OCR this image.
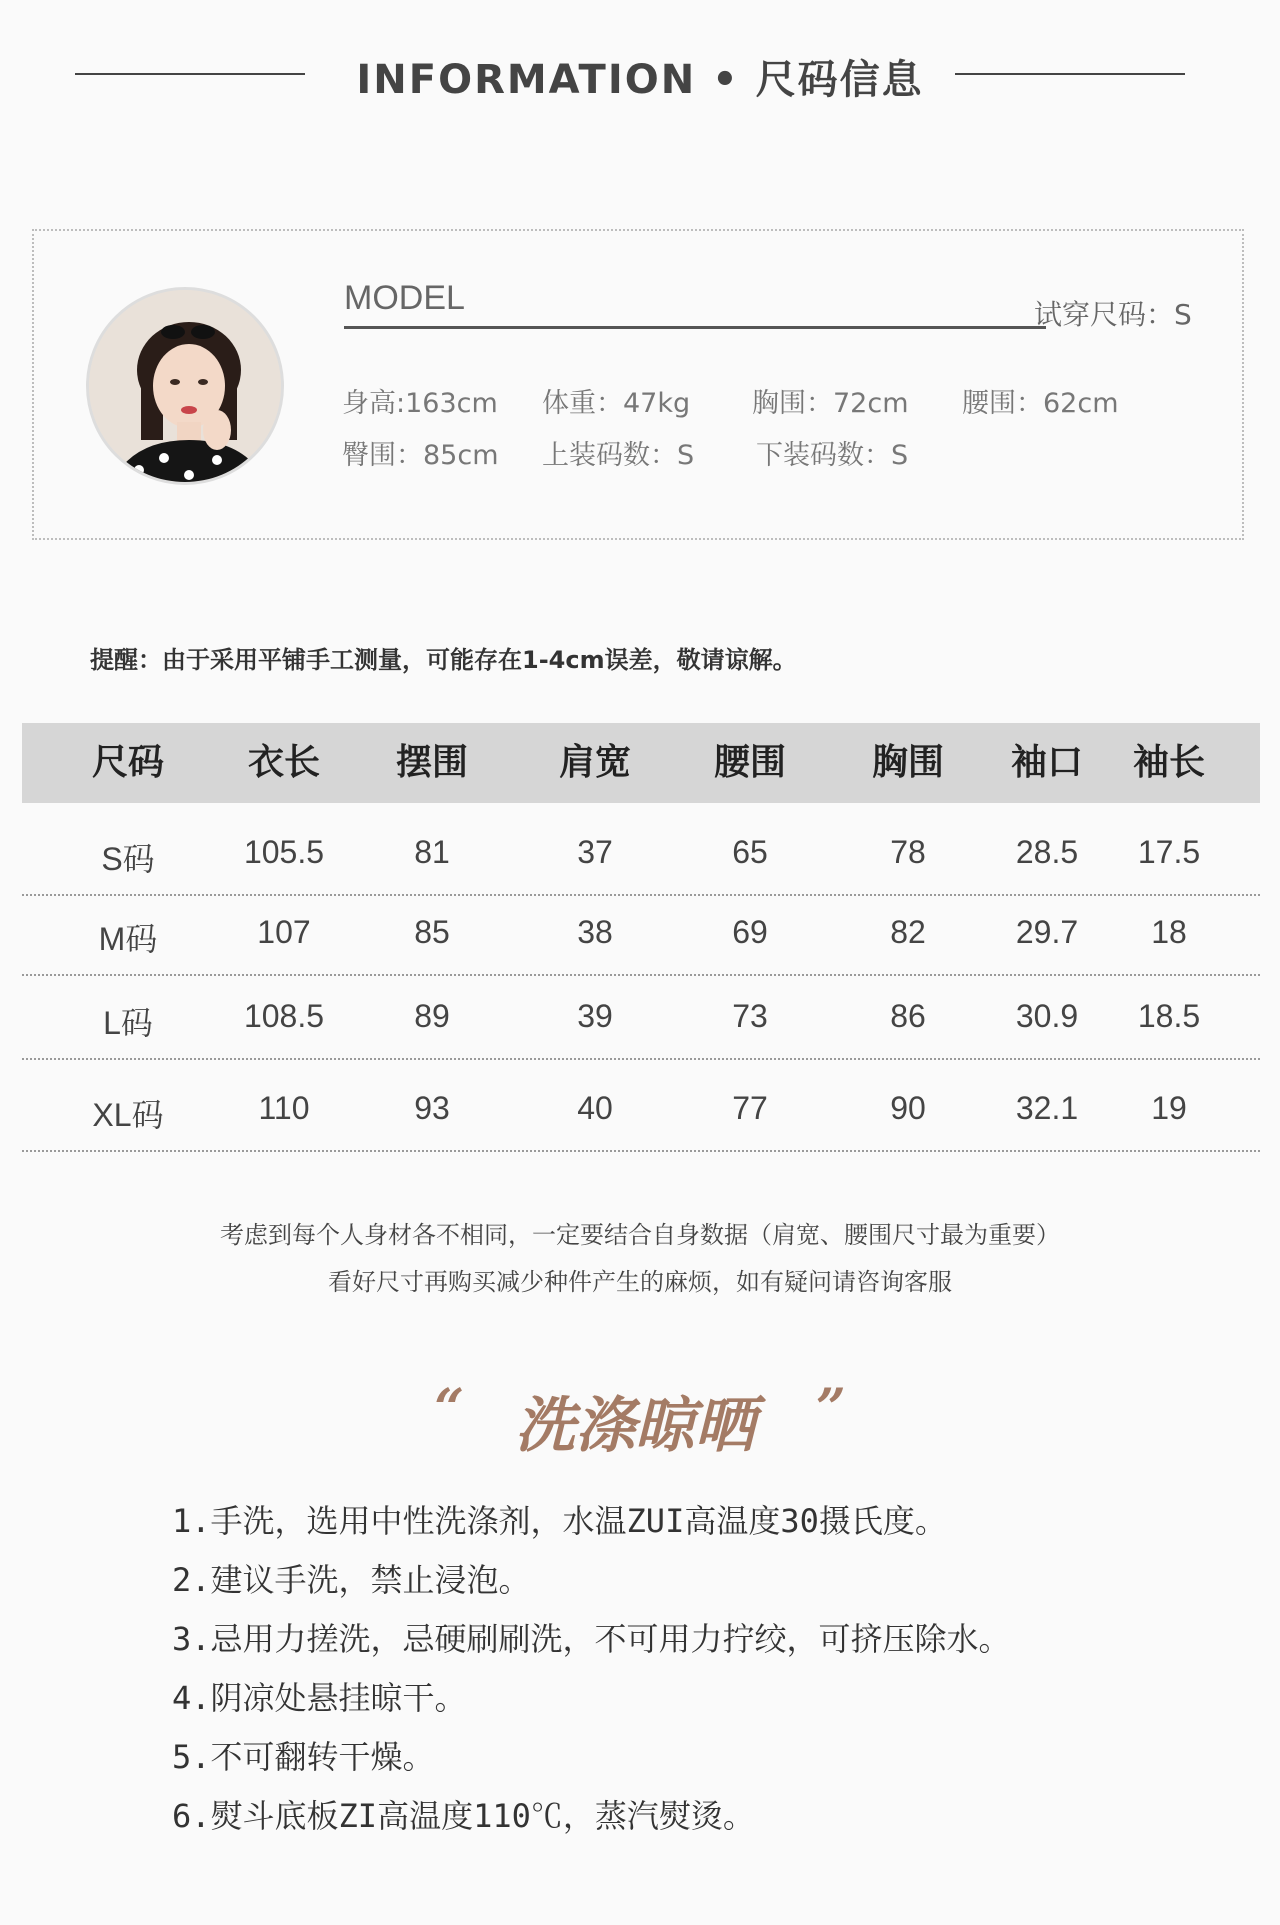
INFORMATION • 尺码信息
MODEL	试穿尺码：S
身高:163cm 体重：47kg 胸围：72cm 腰围：62cm
臀围：85cm 上装码数：S 下装码数：S
提醒：由于采用平铺手工测量，可能存在1-4cm误差，敬请谅解。
尺码 衣长 摆围	肩宽 腰围 胸围 袖口 袖长
S码	105.5	81	37	65	78	28.5 17.5
M码	107	85	38	69	82	29.7 18
L码	108.5	89	39	73	86	30.9 18.5
XL码	110	93	40	77	90	32.1 19
考虑到每个人身材各不相同，一定要结合自身数据（肩宽、腰围尺寸最为重要）
看好尺寸再购买减少种件产生的麻烦，如有疑问请咨询客服
“ 洗涤晾晒 ”
1.手洗，选用中性洗涤剂，水温ZUI高温度30摄氏度。
2.建议手洗，禁止浸泡。
3.忌用力搓洗，忌硬刷刷洗，不可用力拧绞，可挤压除水。
4.阴凉处悬挂晾干。
5.不可翻转干燥。
6.熨斗底板ZI高温度110℃，蒸汽熨烫。
